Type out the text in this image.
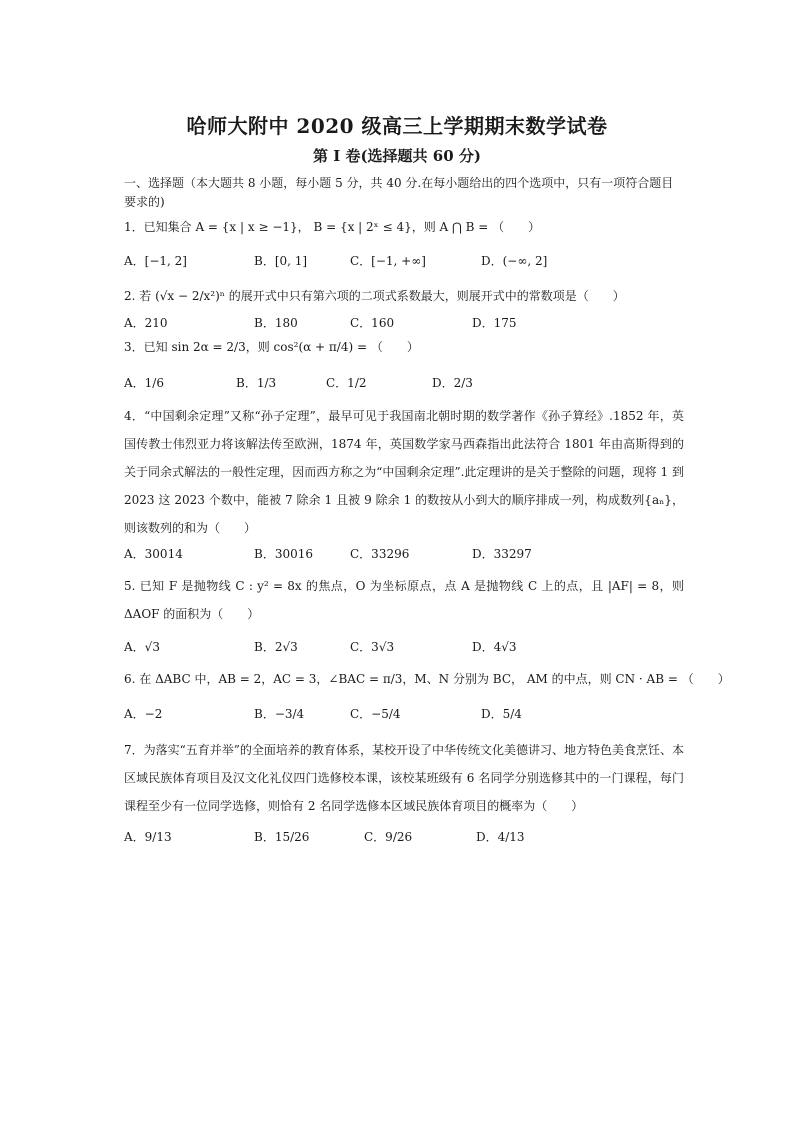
哈师大附中 2020 级高三上学期期末数学试卷
第 I 卷(选择题共 60 分)
一、选择题（本大题共 8 小题，每小题 5 分，共 40 分.在每小题给出的四个选项中，只有一项符合题目要求的)
1．已知集合 A = {x | x ≥ −1}， B = {x | 2ˣ ≤ 4}，则 A ⋂ B = （　　）
A．[−1, 2]	B．[0, 1]	C．[−1, +∞]	D．(−∞, 2]
2. 若 (√x − 2/x²)ⁿ 的展开式中只有第六项的二项式系数最大，则展开式中的常数项是（　　）
A．210	B．180	C．160	D．175
3．已知 sin 2α = 2/3，则 cos²(α + π/4) = （　　）
A．1/6	B．1/3	C．1/2	D．2/3
4．“中国剩余定理”又称“孙子定理”，最早可见于我国南北朝时期的数学著作《孙子算经》.1852 年，英国传教士伟烈亚力将该解法传至欧洲，1874 年，英国数学家马西森指出此法符合 1801 年由高斯得到的关于同余式解法的一般性定理，因而西方称之为“中国剩余定理”.此定理讲的是关于整除的问题，现将 1 到 2023 这 2023 个数中，能被 7 除余 1 且被 9 除余 1 的数按从小到大的顺序排成一列，构成数列{aₙ}，则该数列的和为（　　）
A．30014	B．30016	C．33296	D．33297
5. 已知 F 是抛物线 C : y² = 8x 的焦点，O 为坐标原点，点 A 是抛物线 C 上的点，且 |AF| = 8，则 ΔAOF 的面积为（　　）
A．√3	B．2√3	C．3√3	D．4√3
6. 在 ΔABC 中，AB = 2，AC = 3，∠BAC = π/3，M、N 分别为 BC， AM 的中点，则 CN · AB = （　　）
A．−2	B．−3/4	C．−5/4	D．5/4
7．为落实“五育并举”的全面培养的教育体系，某校开设了中华传统文化美德讲习、地方特色美食烹饪、本区域民族体育项目及汉文化礼仪四门选修校本课，该校某班级有 6 名同学分别选修其中的一门课程，每门课程至少有一位同学选修，则恰有 2 名同学选修本区域民族体育项目的概率为（　　）
A．9/13	B．15/26	C．9/26	D．4/13
